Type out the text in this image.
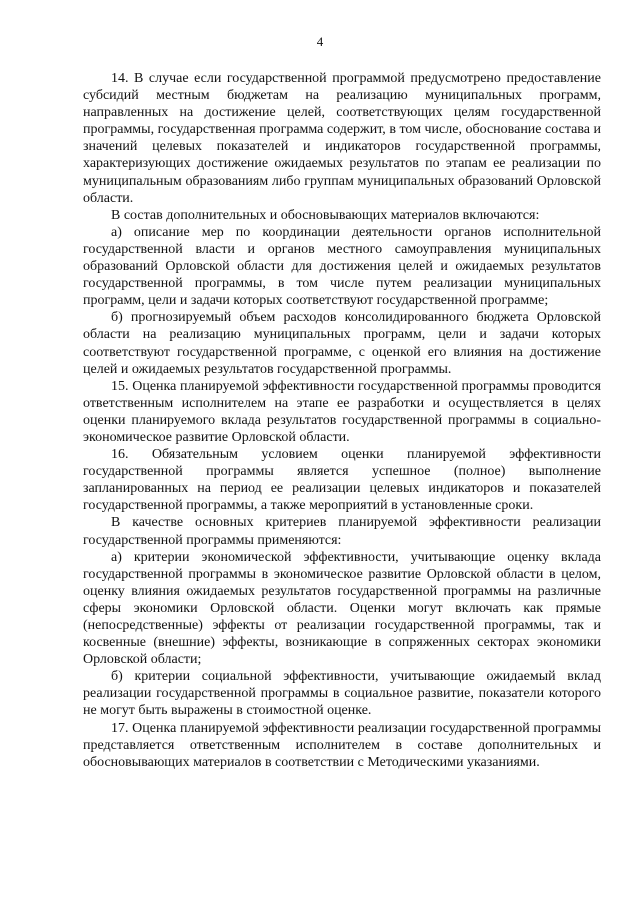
4

14. В случае если государственной программой предусмотрено предоставление субсидий местным бюджетам на реализацию муниципальных программ, направленных на достижение целей, соответствующих целям государственной программы, государственная программа содержит, в том числе, обоснование состава и значений целевых показателей и индикаторов государственной программы, характеризующих достижение ожидаемых результатов по этапам ее реализации по муниципальным образованиям либо группам муниципальных образований Орловской области.

В состав дополнительных и обосновывающих материалов включаются:

а) описание мер по координации деятельности органов исполнительной государственной власти и органов местного самоуправления муниципальных образований Орловской области для достижения целей и ожидаемых результатов государственной программы, в том числе путем реализации муниципальных программ, цели и задачи которых соответствуют государственной программе;

б) прогнозируемый объем расходов консолидированного бюджета Орловской области на реализацию муниципальных программ, цели и задачи которых соответствуют государственной программе, с оценкой его влияния на достижение целей и ожидаемых результатов государственной программы.

15. Оценка планируемой эффективности государственной программы проводится ответственным исполнителем на этапе ее разработки и осуществляется в целях оценки планируемого вклада результатов государственной программы в социально-экономическое развитие Орловской области.

16. Обязательным условием оценки планируемой эффективности государственной программы является успешное (полное) выполнение запланированных на период ее реализации целевых индикаторов и показателей государственной программы, а также мероприятий в установленные сроки.

В качестве основных критериев планируемой эффективности реализации государственной программы применяются:

а) критерии экономической эффективности, учитывающие оценку вклада государственной программы в экономическое развитие Орловской области в целом, оценку влияния ожидаемых результатов государственной программы на различные сферы экономики Орловской области. Оценки могут включать как прямые (непосредственные) эффекты от реализации государственной программы, так и косвенные (внешние) эффекты, возникающие в сопряженных секторах экономики Орловской области;

б) критерии социальной эффективности, учитывающие ожидаемый вклад реализации государственной программы в социальное развитие, показатели которого не могут быть выражены в стоимостной оценке.

17. Оценка планируемой эффективности реализации государственной программы представляется ответственным исполнителем в составе дополнительных и обосновывающих материалов в соответствии с Методическими указаниями.
